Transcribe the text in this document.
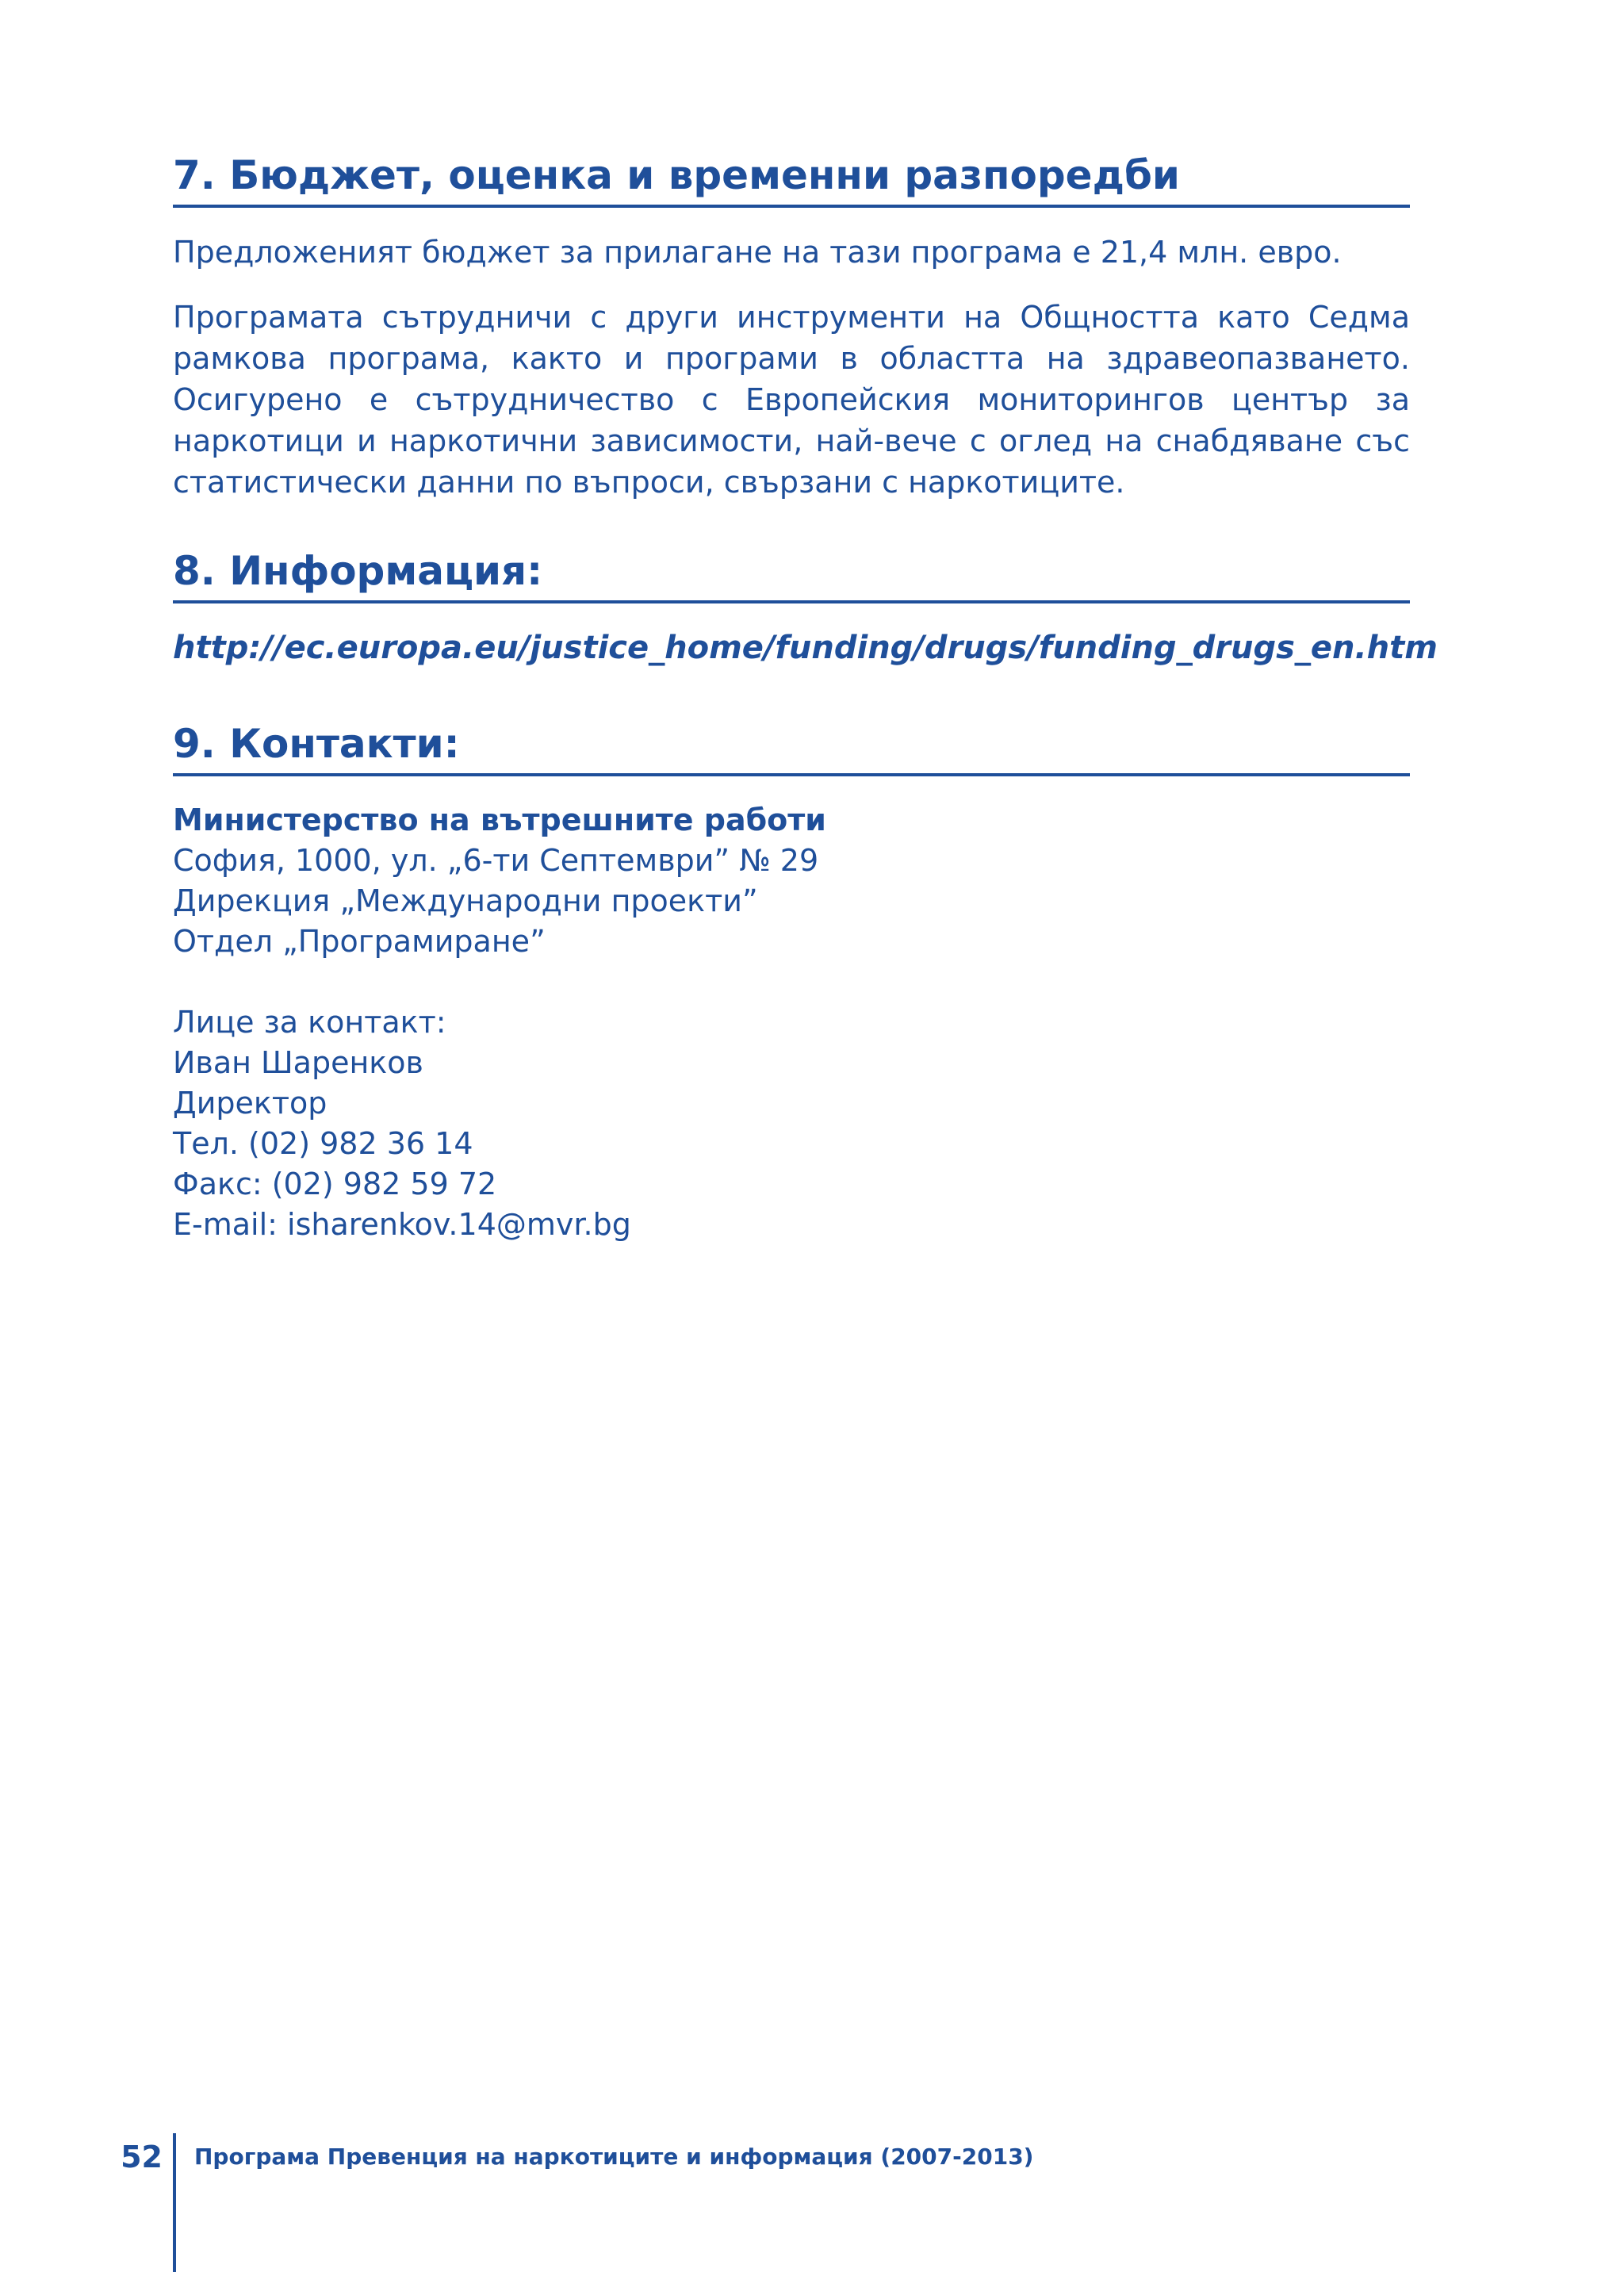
7. Бюджет, оценка и временни разпоредби

Предложеният бюджет за прилагане на тази програма е 21,4 млн. евро.

Програмата сътрудничи с други инструменти на Общността като Седма рамкова програма, както и програми в областта на здравеопазването. Осигурено е сътрудничество с Европейския мониторингов център за наркотици и наркотични зависимости, най-вече с оглед на снабдяване със статистически данни по въпроси, свързани с наркотиците.

8. Информация:
http://ec.europa.eu/justice_home/funding/drugs/funding_drugs_en.htm
9. Контакти:
Министерство на вътрешните работи
София, 1000, ул. „6-ти Септември” № 29
Дирекция „Международни проекти”
Отдел „Програмиране”
Лице за контакт:
Иван Шаренков
Директор
Тел. (02) 982 36 14
Факс: (02) 982 59 72
E-mail: isharenkov.14@mvr.bg
52 Програма Превенция на наркотиците и информация (2007-2013)
